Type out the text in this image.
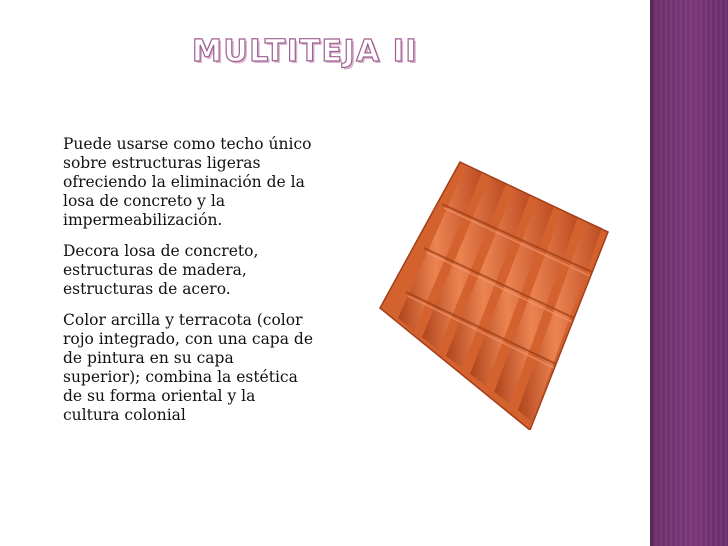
MULTITEJA II

Puede usarse como techo único sobre estructuras ligeras ofreciendo la eliminación de la losa de concreto y la impermeabilización.

Decora losa de concreto, estructuras de madera, estructuras de acero.

Color arcilla y terracota (color rojo integrado, con una capa de de pintura en su capa superior); combina la estética de su forma oriental y la cultura colonial
